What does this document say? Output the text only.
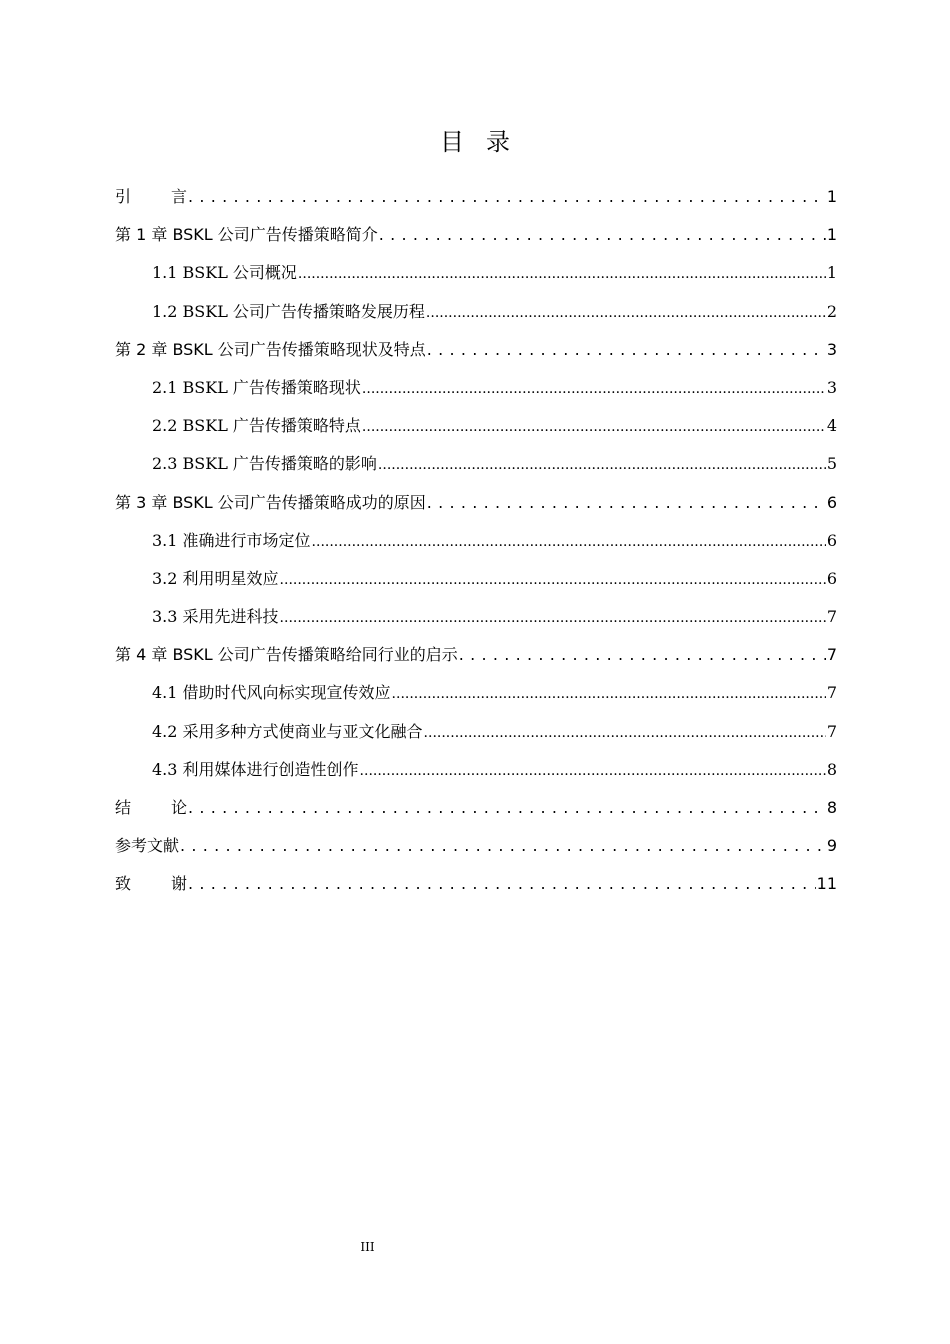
目录
引言 . . .	1
第 1 章 BSKL 公司广告传播策略简介 . . .	1
1.1 BSKL 公司概况 .....	1
1.2 BSKL 公司广告传播策略发展历程 .....	2
第 2 章 BSKL 公司广告传播策略现状及特点 . . .	3
2.1 BSKL 广告传播策略现状 .....	3
2.2 BSKL 广告传播策略特点 .....	4
2.3 BSKL 广告传播策略的影响 .....	5
第 3 章 BSKL 公司广告传播策略成功的原因 . . .	6
3.1 准确进行市场定位 .....	6
3.2 利用明星效应 .....	6
3.3 采用先进科技 .....	7
第 4 章 BSKL 公司广告传播策略给同行业的启示 . . .	7
4.1 借助时代风向标实现宣传效应 .....	7
4.2 采用多种方式使商业与亚文化融合 .....	7
4.3 利用媒体进行创造性创作 .....	8
结论 . . .	8
参考文献 . . .	9
致谢 . . .	11
III
